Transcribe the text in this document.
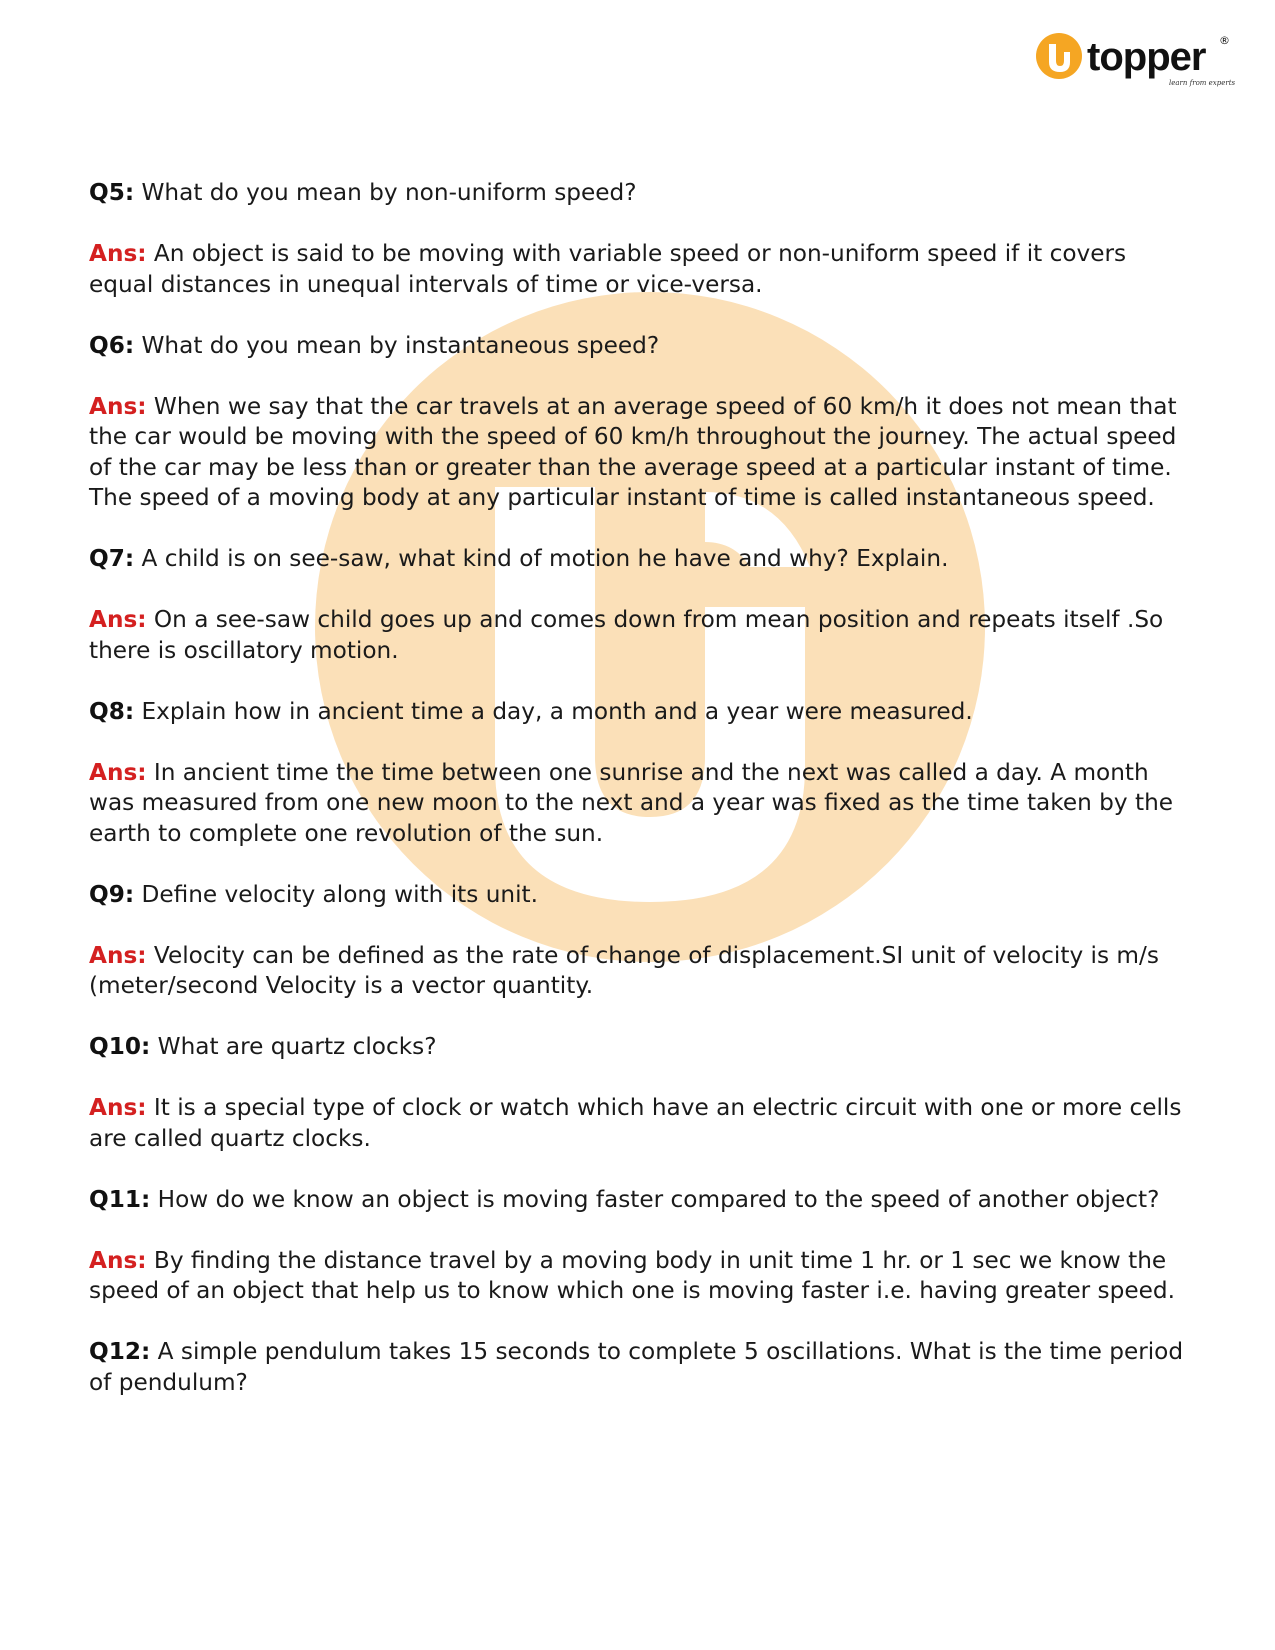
topper ®
learn from experts

Q5: What do you mean by non-uniform speed?

Ans: An object is said to be moving with variable speed or non-uniform speed if it covers equal distances in unequal intervals of time or vice-versa.

Q6: What do you mean by instantaneous speed?

Ans: When we say that the car travels at an average speed of 60 km/h it does not mean that the car would be moving with the speed of 60 km/h throughout the journey. The actual speed of the car may be less than or greater than the average speed at a particular instant of time. The speed of a moving body at any particular instant of time is called instantaneous speed.

Q7: A child is on see-saw, what kind of motion he have and why? Explain.

Ans: On a see-saw child goes up and comes down from mean position and repeats itself .So there is oscillatory motion.

Q8: Explain how in ancient time a day, a month and a year were measured.

Ans: In ancient time the time between one sunrise and the next was called a day. A month was measured from one new moon to the next and a year was fixed as the time taken by the earth to complete one revolution of the sun.

Q9: Define velocity along with its unit.

Ans: Velocity can be defined as the rate of change of displacement.SI unit of velocity is m/s (meter/second Velocity is a vector quantity.

Q10: What are quartz clocks?

Ans: It is a special type of clock or watch which have an electric circuit with one or more cells are called quartz clocks.

Q11: How do we know an object is moving faster compared to the speed of another object?

Ans: By finding the distance travel by a moving body in unit time 1 hr. or 1 sec we know the speed of an object that help us to know which one is moving faster i.e. having greater speed.

Q12: A simple pendulum takes 15 seconds to complete 5 oscillations. What is the time period of pendulum?
